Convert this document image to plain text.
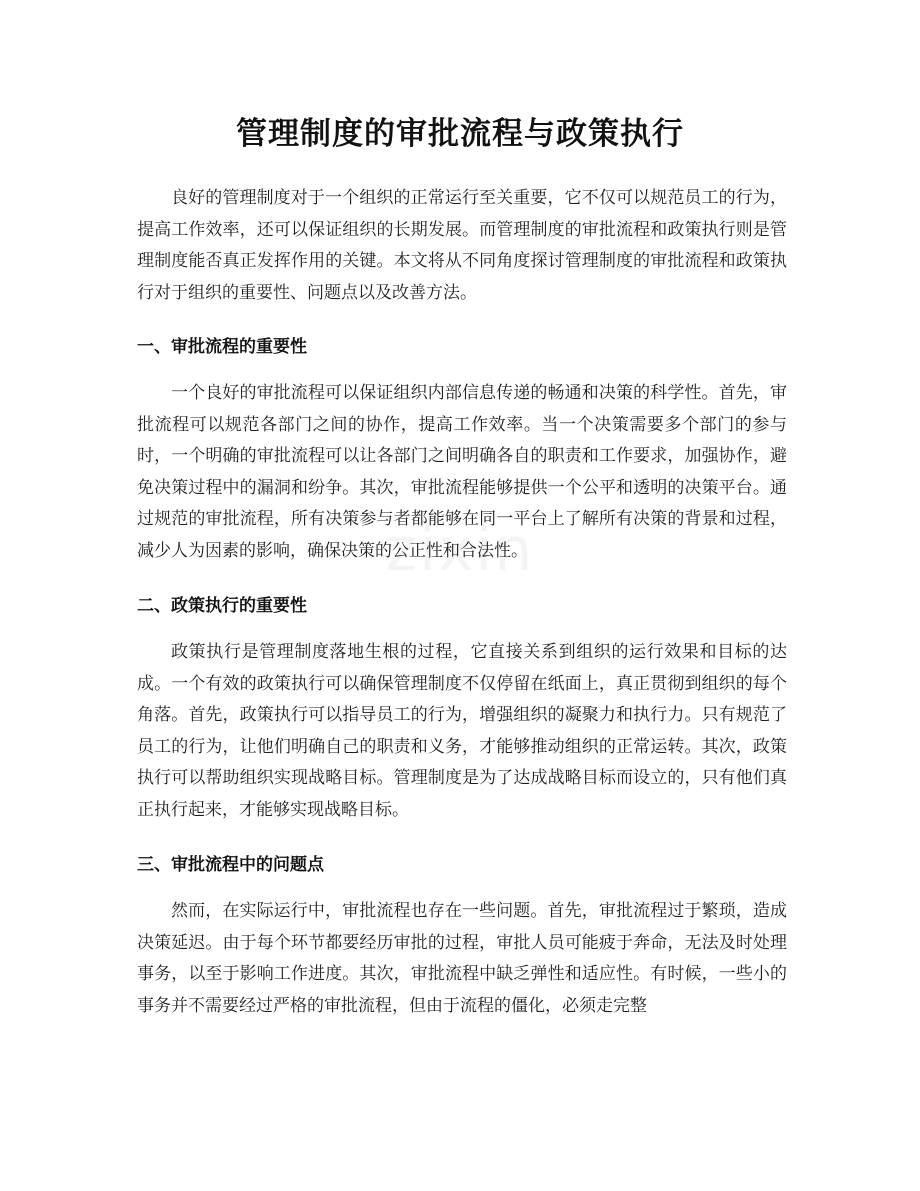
管理制度的审批流程与政策执行

良好的管理制度对于一个组织的正常运行至关重要，它不仅可以规范员工的行为，提高工作效率，还可以保证组织的长期发展。而管理制度的审批流程和政策执行则是管理制度能否真正发挥作用的关键。本文将从不同角度探讨管理制度的审批流程和政策执行对于组织的重要性、问题点以及改善方法。

一、审批流程的重要性

一个良好的审批流程可以保证组织内部信息传递的畅通和决策的科学性。首先，审批流程可以规范各部门之间的协作，提高工作效率。当一个决策需要多个部门的参与时，一个明确的审批流程可以让各部门之间明确各自的职责和工作要求，加强协作，避免决策过程中的漏洞和纷争。其次，审批流程能够提供一个公平和透明的决策平台。通过规范的审批流程，所有决策参与者都能够在同一平台上了解所有决策的背景和过程，减少人为因素的影响，确保决策的公正性和合法性。

二、政策执行的重要性

政策执行是管理制度落地生根的过程，它直接关系到组织的运行效果和目标的达成。一个有效的政策执行可以确保管理制度不仅停留在纸面上，真正贯彻到组织的每个角落。首先，政策执行可以指导员工的行为，增强组织的凝聚力和执行力。只有规范了员工的行为，让他们明确自己的职责和义务，才能够推动组织的正常运转。其次，政策执行可以帮助组织实现战略目标。管理制度是为了达成战略目标而设立的，只有他们真正执行起来，才能够实现战略目标。

三、审批流程中的问题点

然而，在实际运行中，审批流程也存在一些问题。首先，审批流程过于繁琐，造成决策延迟。由于每个环节都要经历审批的过程，审批人员可能疲于奔命，无法及时处理事务，以至于影响工作进度。其次，审批流程中缺乏弹性和适应性。有时候，一些小的事务并不需要经过严格的审批流程，但由于流程的僵化，必须走完整
